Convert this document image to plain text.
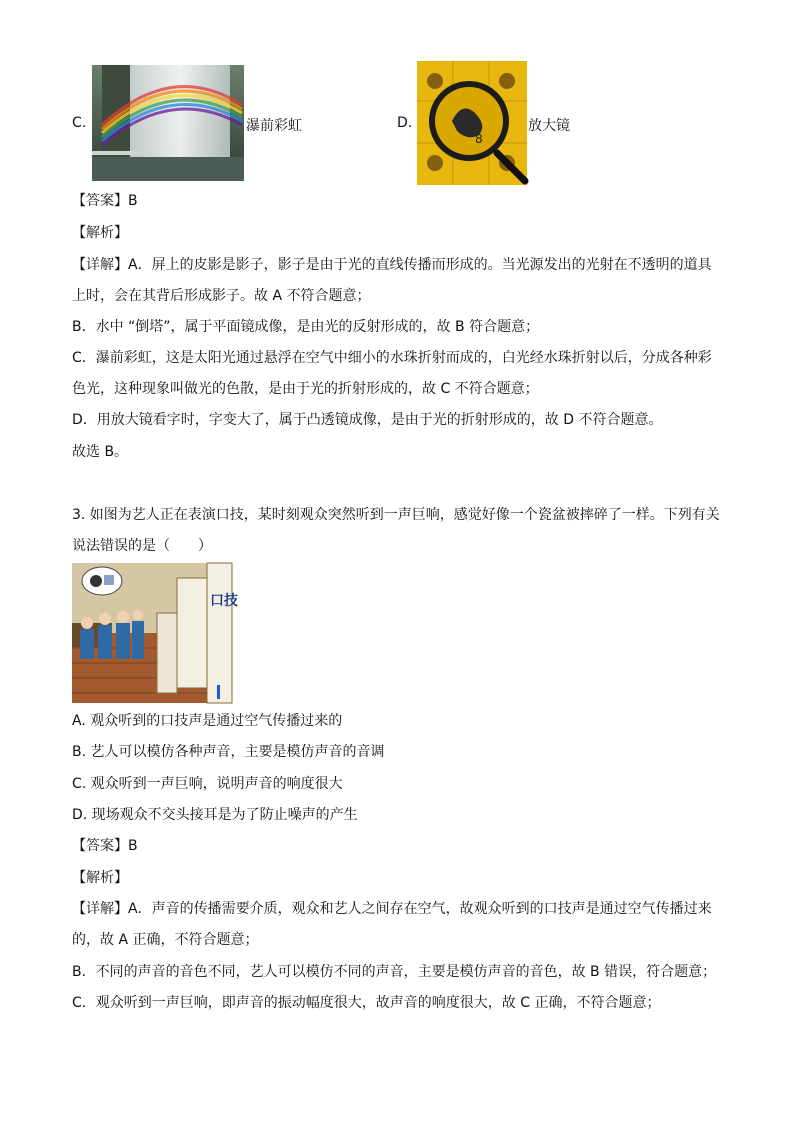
C.	瀑前彩虹	D.
8
放大镜
【答案】B
【解析】
【详解】A．屏上的皮影是影子，影子是由于光的直线传播而形成的。当光源发出的光射在不透明的道具
上时，会在其背后形成影子。故 A 不符合题意；
B．水中 “倒塔”，属于平面镜成像，是由光的反射形成的，故 B 符合题意；
C．瀑前彩虹，这是太阳光通过悬浮在空气中细小的水珠折射而成的，白光经水珠折射以后，分成各种彩
色光，这种现象叫做光的色散，是由于光的折射形成的，故 C 不符合题意；
D．用放大镜看字时，字变大了，属于凸透镜成像，是由于光的折射形成的，故 D 不符合题意。
故选 B。
3. 如图为艺人正在表演口技，某时刻观众突然听到一声巨响，感觉好像一个瓷盆被摔碎了一样。下列有关
说法错误的是（　　）
口技
A. 观众听到的口技声是通过空气传播过来的
B. 艺人可以模仿各种声音，主要是模仿声音的音调
C. 观众听到一声巨响，说明声音的响度很大
D. 现场观众不交头接耳是为了防止噪声的产生
【答案】B
【解析】
【详解】A．声音的传播需要介质，观众和艺人之间存在空气，故观众听到的口技声是通过空气传播过来
的，故 A 正确，不符合题意；
B．不同的声音的音色不同，艺人可以模仿不同的声音，主要是模仿声音的音色，故 B 错误，符合题意；
C．观众听到一声巨响，即声音的振动幅度很大，故声音的响度很大，故 C 正确，不符合题意；
